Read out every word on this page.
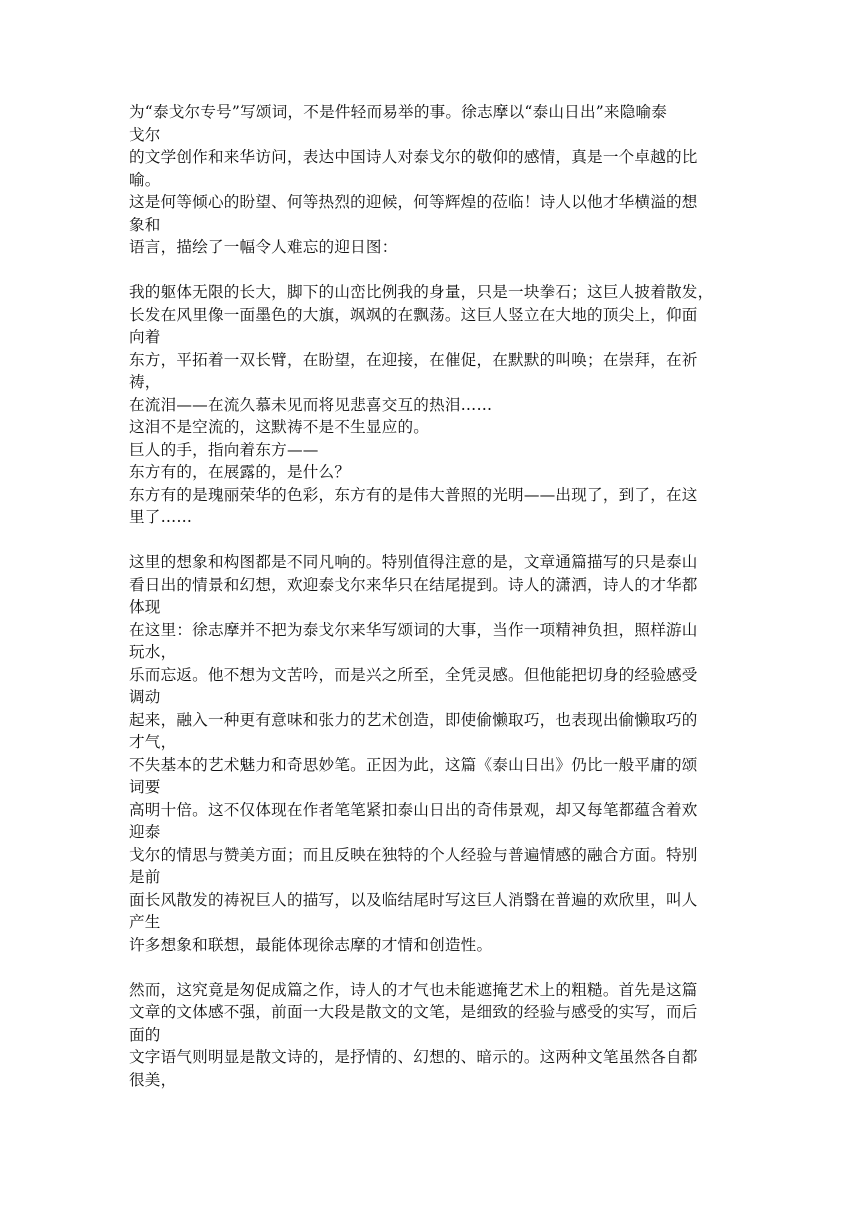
为“泰戈尔专号”写颂词，不是件轻而易举的事。徐志摩以“泰山日出”来隐喻泰
戈尔
的文学创作和来华访问，表达中国诗人对泰戈尔的敬仰的感情，真是一个卓越的比
喻。
这是何等倾心的盼望、何等热烈的迎候，何等辉煌的莅临！诗人以他才华横溢的想
象和
语言，描绘了一幅令人难忘的迎日图：
我的躯体无限的长大，脚下的山峦比例我的身量，只是一块拳石；这巨人披着散发，
长发在风里像一面墨色的大旗，飒飒的在飘荡。这巨人竖立在大地的顶尖上，仰面
向着
东方，平拓着一双长臂，在盼望，在迎接，在催促，在默默的叫唤；在崇拜，在祈
祷，
在流泪——在流久慕未见而将见悲喜交互的热泪……
这泪不是空流的，这默祷不是不生显应的。
巨人的手，指向着东方——
东方有的，在展露的，是什么？
东方有的是瑰丽荣华的色彩，东方有的是伟大普照的光明——出现了，到了，在这
里了……
这里的想象和构图都是不同凡响的。特别值得注意的是，文章通篇描写的只是泰山
看日出的情景和幻想，欢迎泰戈尔来华只在结尾提到。诗人的潇洒，诗人的才华都
体现
在这里：徐志摩并不把为泰戈尔来华写颂词的大事，当作一项精神负担，照样游山
玩水，
乐而忘返。他不想为文苦吟，而是兴之所至，全凭灵感。但他能把切身的经验感受
调动
起来，融入一种更有意味和张力的艺术创造，即使偷懒取巧，也表现出偷懒取巧的
才气，
不失基本的艺术魅力和奇思妙笔。正因为此，这篇《泰山日出》仍比一般平庸的颂
词要
高明十倍。这不仅体现在作者笔笔紧扣泰山日出的奇伟景观，却又每笔都蕴含着欢
迎泰
戈尔的情思与赞美方面；而且反映在独特的个人经验与普遍情感的融合方面。特别
是前
面长风散发的祷祝巨人的描写，以及临结尾时写这巨人消翳在普遍的欢欣里，叫人
产生
许多想象和联想，最能体现徐志摩的才情和创造性。
然而，这究竟是匆促成篇之作，诗人的才气也未能遮掩艺术上的粗糙。首先是这篇
文章的文体感不强，前面一大段是散文的文笔，是细致的经验与感受的实写，而后
面的
文字语气则明显是散文诗的，是抒情的、幻想的、暗示的。这两种文笔虽然各自都
很美，
